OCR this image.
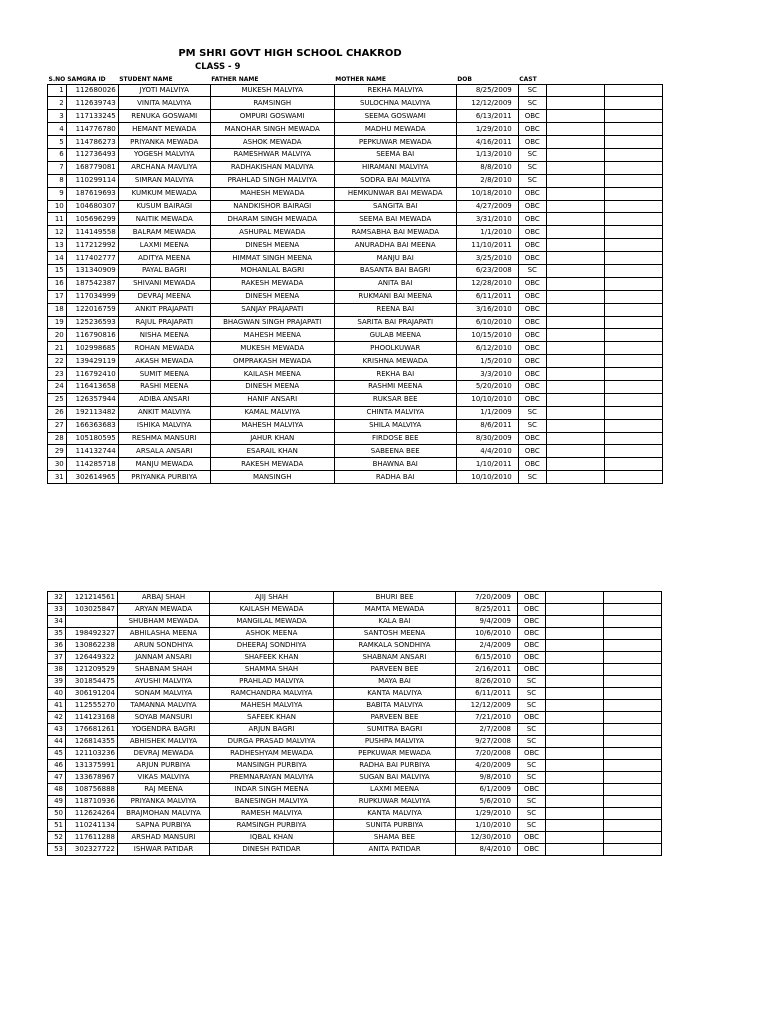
PM SHRI GOVT HIGH SCHOOL CHAKROD
CLASS - 9
S.NO	SAMGRA ID	STUDENT NAME	FATHER NAME	MOTHER NAME	DOB	CAST		
1	112680026	JYOTI MALVIYA	MUKESH MALVIYA	REKHA MALVIYA	8/25/2009	SC		
2	112639743	VINITA MALVIYA	RAMSINGH	SULOCHNA MALVIYA	12/12/2009	SC		
3	117133245	RENUKA GOSWAMI	OMPURI GOSWAMI	SEEMA GOSWAMI	6/13/2011	OBC		
4	114776780	HEMANT MEWADA	MANOHAR SINGH MEWADA	MADHU MEWADA	1/29/2010	OBC		
5	114786273	PRIYANKA MEWADA	ASHOK MEWADA	PEPKUWAR MEWADA	4/16/2011	OBC		
6	112736493	YOGESH MALVIYA	RAMESHWAR MALVIYA	SEEMA BAI	1/13/2010	SC		
7	168779081	ARCHANA MAVLIYA	RADHAKISHAN MALVIYA	HIRAMANI MALVIYA	8/8/2010	SC		
8	110299114	SIMRAN MALVIYA	PRAHLAD SINGH MALVIYA	SODRA BAI MALVIYA	2/8/2010	SC		
9	187619693	KUMKUM MEWADA	MAHESH MEWADA	HEMKUNWAR BAI MEWADA	10/18/2010	OBC		
10	104680307	KUSUM BAIRAGI	NANDKISHOR BAIRAGI	SANGITA BAI	4/27/2009	OBC		
11	105696299	NAITIK MEWADA	DHARAM SINGH MEWADA	SEEMA BAI MEWADA	3/31/2010	OBC		
12	114149558	BALRAM MEWADA	ASHUPAL MEWADA	RAMSABHA BAI MEWADA	1/1/2010	OBC		
13	117212992	LAXMI MEENA	DINESH MEENA	ANURADHA BAI MEENA	11/10/2011	OBC		
14	117402777	ADITYA MEENA	HIMMAT SINGH MEENA	MANJU BAI	3/25/2010	OBC		
15	131340909	PAYAL BAGRI	MOHANLAL BAGRI	BASANTA BAI BAGRI	6/23/2008	SC		
16	187542387	SHIVANI MEWADA	RAKESH MEWADA	ANITA BAI	12/28/2010	OBC		
17	117034999	DEVRAJ MEENA	DINESH MEENA	RUKMANI BAI MEENA	6/11/2011	OBC		
18	122016759	ANKIT PRAJAPATI	SANJAY PRAJAPATI	REENA BAI	3/16/2010	OBC		
19	125236593	RAJUL PRAJAPATI	BHAGWAN SINGH PRAJAPATI	SARITA BAI PRAJAPATI	6/10/2010	OBC		
20	116790816	NISHA MEENA	MAHESH MEENA	GULAB MEENA	10/15/2010	OBC		
21	102998685	ROHAN MEWADA	MUKESH MEWADA	PHOOLKUWAR	6/12/2010	OBC		
22	139429119	AKASH MEWADA	OMPRAKASH MEWADA	KRISHNA MEWADA	1/5/2010	OBC		
23	116792410	SUMIT MEENA	KAILASH MEENA	REKHA BAI	3/3/2010	OBC		
24	116413658	RASHI MEENA	DINESH MEENA	RASHMI MEENA	5/20/2010	OBC		
25	126357944	ADIBA ANSARI	HANIF ANSARI	RUKSAR BEE	10/10/2010	OBC		
26	192113482	ANKIT MALVIYA	KAMAL MALVIYA	CHINTA MALVIYA	1/1/2009	SC		
27	166363683	ISHIKA MALVIYA	MAHESH MALVIYA	SHILA MALVIYA	8/6/2011	SC		
28	105180595	RESHMA MANSURI	JAHUR KHAN	FIRDOSE BEE	8/30/2009	OBC		
29	114132744	ARSALA ANSARI	ESARAIL KHAN	SABEENA BEE	4/4/2010	OBC		
30	114285718	MANJU MEWADA	RAKESH MEWADA	BHAWNA BAI	1/10/2011	OBC		
31	302614965	PRIYANKA PURBIYA	MANSINGH	RADHA BAI	10/10/2010	SC		
32	121214561	ARBAJ SHAH	AJIJ SHAH	BHURI BEE	7/20/2009	OBC		
33	103025847	ARYAN MEWADA	KAILASH MEWADA	MAMTA MEWADA	8/25/2011	OBC		
34		SHUBHAM MEWADA	MANGILAL MEWADA	KALA BAI	9/4/2009	OBC		
35	198492327	ABHILASHA MEENA	ASHOK MEENA	SANTOSH MEENA	10/6/2010	OBC		
36	130862238	ARUN SONDHIYA	DHEERAJ SONDHIYA	RAMKALA SONDHIYA	2/4/2009	OBC		
37	126449322	JANNAM ANSARI	SHAFEEK KHAN	SHABNAM ANSARI	6/15/2010	OBC		
38	121209529	SHABNAM SHAH	SHAMMA SHAH	PARVEEN BEE	2/16/2011	OBC		
39	301854475	AYUSHI MALVIYA	PRAHLAD MALVIYA	MAYA BAI	8/26/2010	SC		
40	306191204	SONAM MALVIYA	RAMCHANDRA MALVIYA	KANTA MALVIYA	6/11/2011	SC		
41	112555270	TAMANNA MALVIYA	MAHESH MALVIYA	BABITA MALVIYA	12/12/2009	SC		
42	114123168	SOYAB MANSURI	SAFEEK KHAN	PARVEEN BEE	7/21/2010	OBC		
43	176681261	YOGENDRA BAGRI	ARJUN BAGRI	SUMITRA BAGRI	2/7/2008	SC		
44	126814355	ABHISHEK MALVIYA	DURGA PRASAD MALVIYA	PUSHPA MALVIYA	9/27/2008	SC		
45	121103236	DEVRAJ MEWADA	RADHESHYAM MEWADA	PEPKUWAR MEWADA	7/20/2008	OBC		
46	131375991	ARJUN PURBIYA	MANSINGH PURBIYA	RADHA BAI PURBIYA	4/20/2009	SC		
47	133678967	VIKAS MALVIYA	PREMNARAYAN MALVIYA	SUGAN BAI MALVIYA	9/8/2010	SC		
48	108756888	RAJ MEENA	INDAR SINGH MEENA	LAXMI MEENA	6/1/2009	OBC		
49	118710936	PRIYANKA MALVIYA	BANESINGH MALVIYA	RUPKUWAR MALVIYA	5/6/2010	SC		
50	112624264	BRAJMOHAN MALVIYA	RAMESH MALVIYA	KANTA MALVIYA	1/29/2010	SC		
51	110241134	SAPNA PURBIYA	RAMSINGH PURBIYA	SUNITA PURBIYA	1/10/2010	SC		
52	117611288	ARSHAD MANSURI	IQBAL KHAN	SHAMA BEE	12/30/2010	OBC		
53	302327722	ISHWAR PATIDAR	DINESH PATIDAR	ANITA PATIDAR	8/4/2010	OBC		
